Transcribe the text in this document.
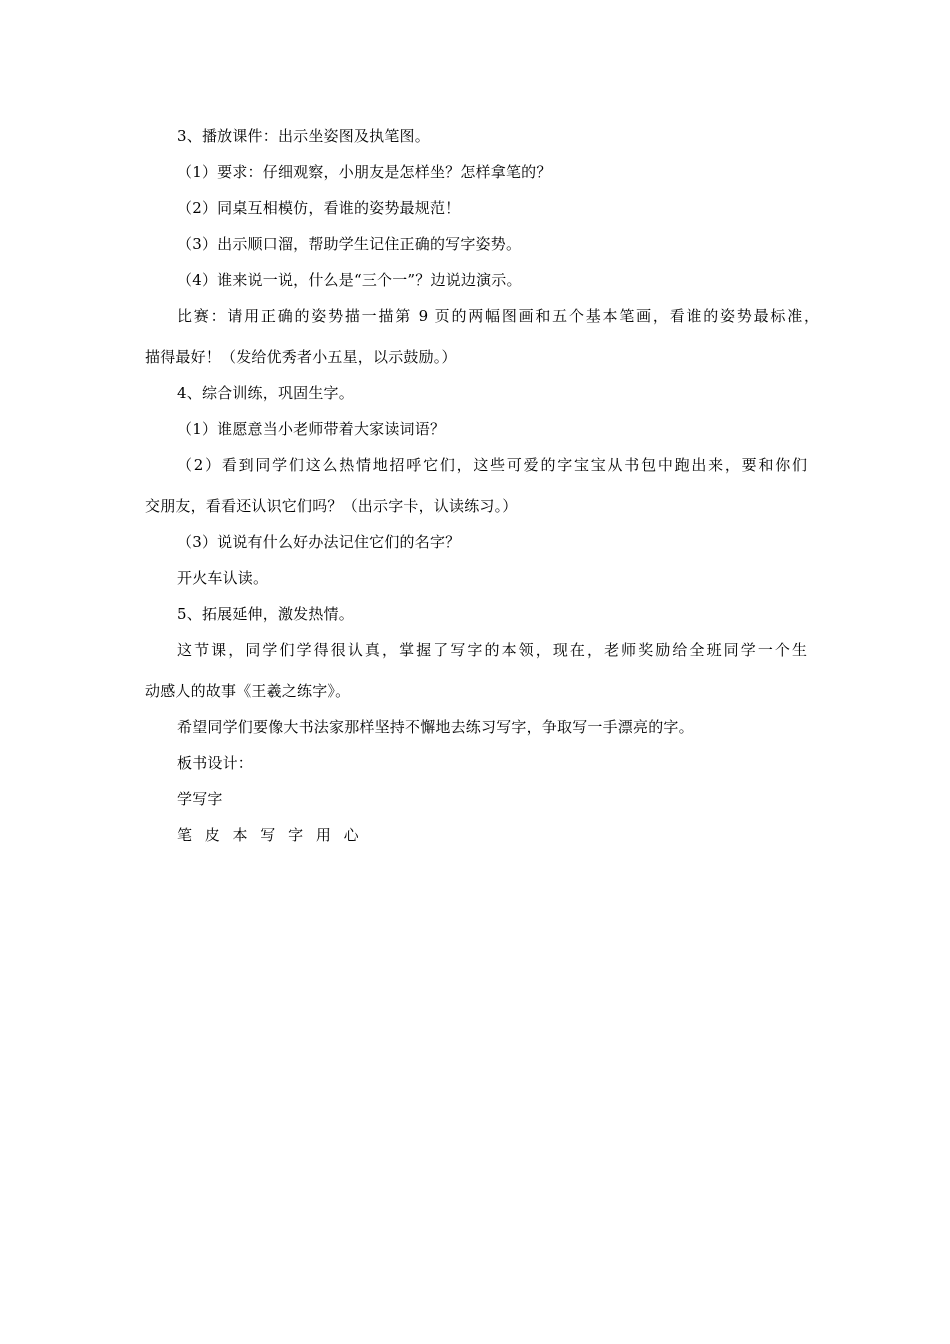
3、播放课件：出示坐姿图及执笔图。
（1）要求：仔细观察，小朋友是怎样坐？怎样拿笔的？
（2）同桌互相模仿，看谁的姿势最规范！
（3）出示顺口溜，帮助学生记住正确的写字姿势。
（4）谁来说一说，什么是“三个一”？边说边演示。
比赛：请用正确的姿势描一描第 9 页的两幅图画和五个基本笔画，看谁的姿势最标准，
描得最好！（发给优秀者小五星，以示鼓励。）
4、综合训练，巩固生字。
（1）谁愿意当小老师带着大家读词语？
（2）看到同学们这么热情地招呼它们，这些可爱的字宝宝从书包中跑出来，要和你们
交朋友，看看还认识它们吗？（出示字卡，认读练习。）
（3）说说有什么好办法记住它们的名字？
开火车认读。
5、拓展延伸，激发热情。
这节课，同学们学得很认真，掌握了写字的本领，现在，老师奖励给全班同学一个生
动感人的故事《王羲之练字》。
希望同学们要像大书法家那样坚持不懈地去练习写字，争取写一手漂亮的字。
板书设计：
学写字
笔 皮 本 写 字 用 心
